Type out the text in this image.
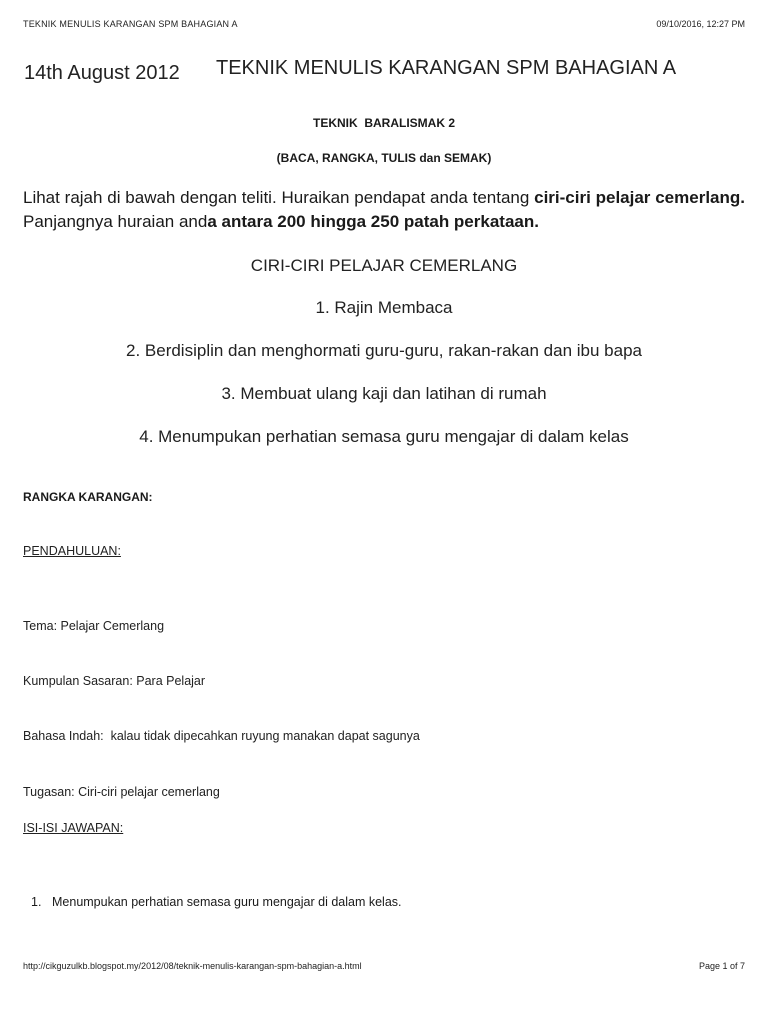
TEKNIK MENULIS KARANGAN SPM BAHAGIAN A	09/10/2016, 12:27 PM
14th August 2012 TEKNIK MENULIS KARANGAN SPM BAHAGIAN A
TEKNIK  BARALISMAK 2
(BACA, RANGKA, TULIS dan SEMAK)
Lihat rajah di bawah dengan teliti. Huraikan pendapat anda tentang ciri-ciri pelajar cemerlang. Panjangnya huraian anda antara 200 hingga 250 patah perkataan.
CIRI-CIRI PELAJAR CEMERLANG
1. Rajin Membaca
2. Berdisiplin dan menghormati guru-guru, rakan-rakan dan ibu bapa
3. Membuat ulang kaji dan latihan di rumah
4. Menumpukan perhatian semasa guru mengajar di dalam kelas
RANGKA KARANGAN:
PENDAHULUAN:
Tema: Pelajar Cemerlang
Kumpulan Sasaran: Para Pelajar
Bahasa Indah:  kalau tidak dipecahkan ruyung manakan dapat sagunya
Tugasan: Ciri-ciri pelajar cemerlang
ISI-ISI JAWAPAN:
1. Menumpukan perhatian semasa guru mengajar di dalam kelas.
http://cikguzulkb.blogspot.my/2012/08/teknik-menulis-karangan-spm-bahagian-a.html	Page 1 of 7
